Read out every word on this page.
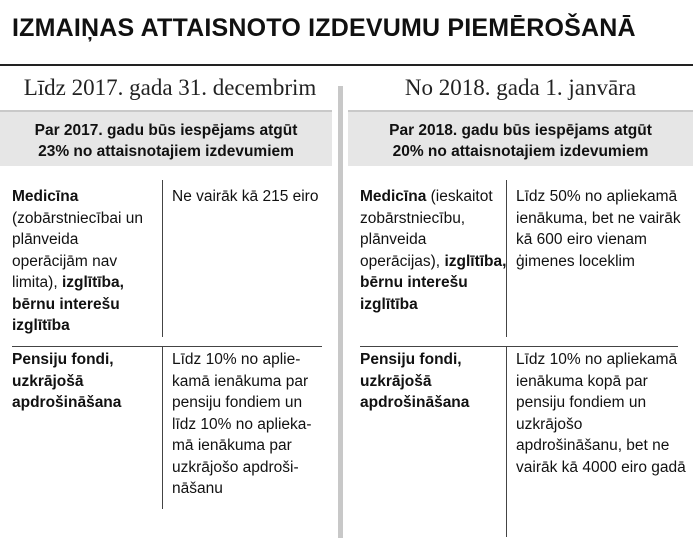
IZMAIŅAS ATTAISNOTO IZDEVUMU PIEMĒROŠANĀ
Līdz 2017. gada 31. decembrim
Par 2017. gadu būs iespējams atgūt
23% no attaisnotajiem izdevumiem
Medicīna (zobārstniecībai un plānveida operācijām nav limita), izglītība, bērnu interešu izglītība
Ne vairāk kā 215 eiro
Pensiju fondi, uzkrājošā apdrošināšana
Līdz 10% no aplie-kamā ienākuma par pensiju fondiem un līdz 10% no aplieka-mā ienākuma par uzkrājošo apdroši-nāšanu
No 2018. gada 1. janvāra
Par 2018. gadu būs iespējams atgūt
20% no attaisnotajiem izdevumiem
Medicīna (ieskaitot zobārstniecību, plānveida operācijas), izglītība, bērnu interešu izglītība
Līdz 50% no apliekamā ienākuma, bet ne vairāk kā 600 eiro vienam ģimenes loceklim
Pensiju fondi, uzkrājošā apdrošināšana
Līdz 10% no apliekamā ienākuma kopā par pensiju fondiem un uzkrājošo apdrošināšanu, bet ne vairāk kā 4000 eiro gadā
